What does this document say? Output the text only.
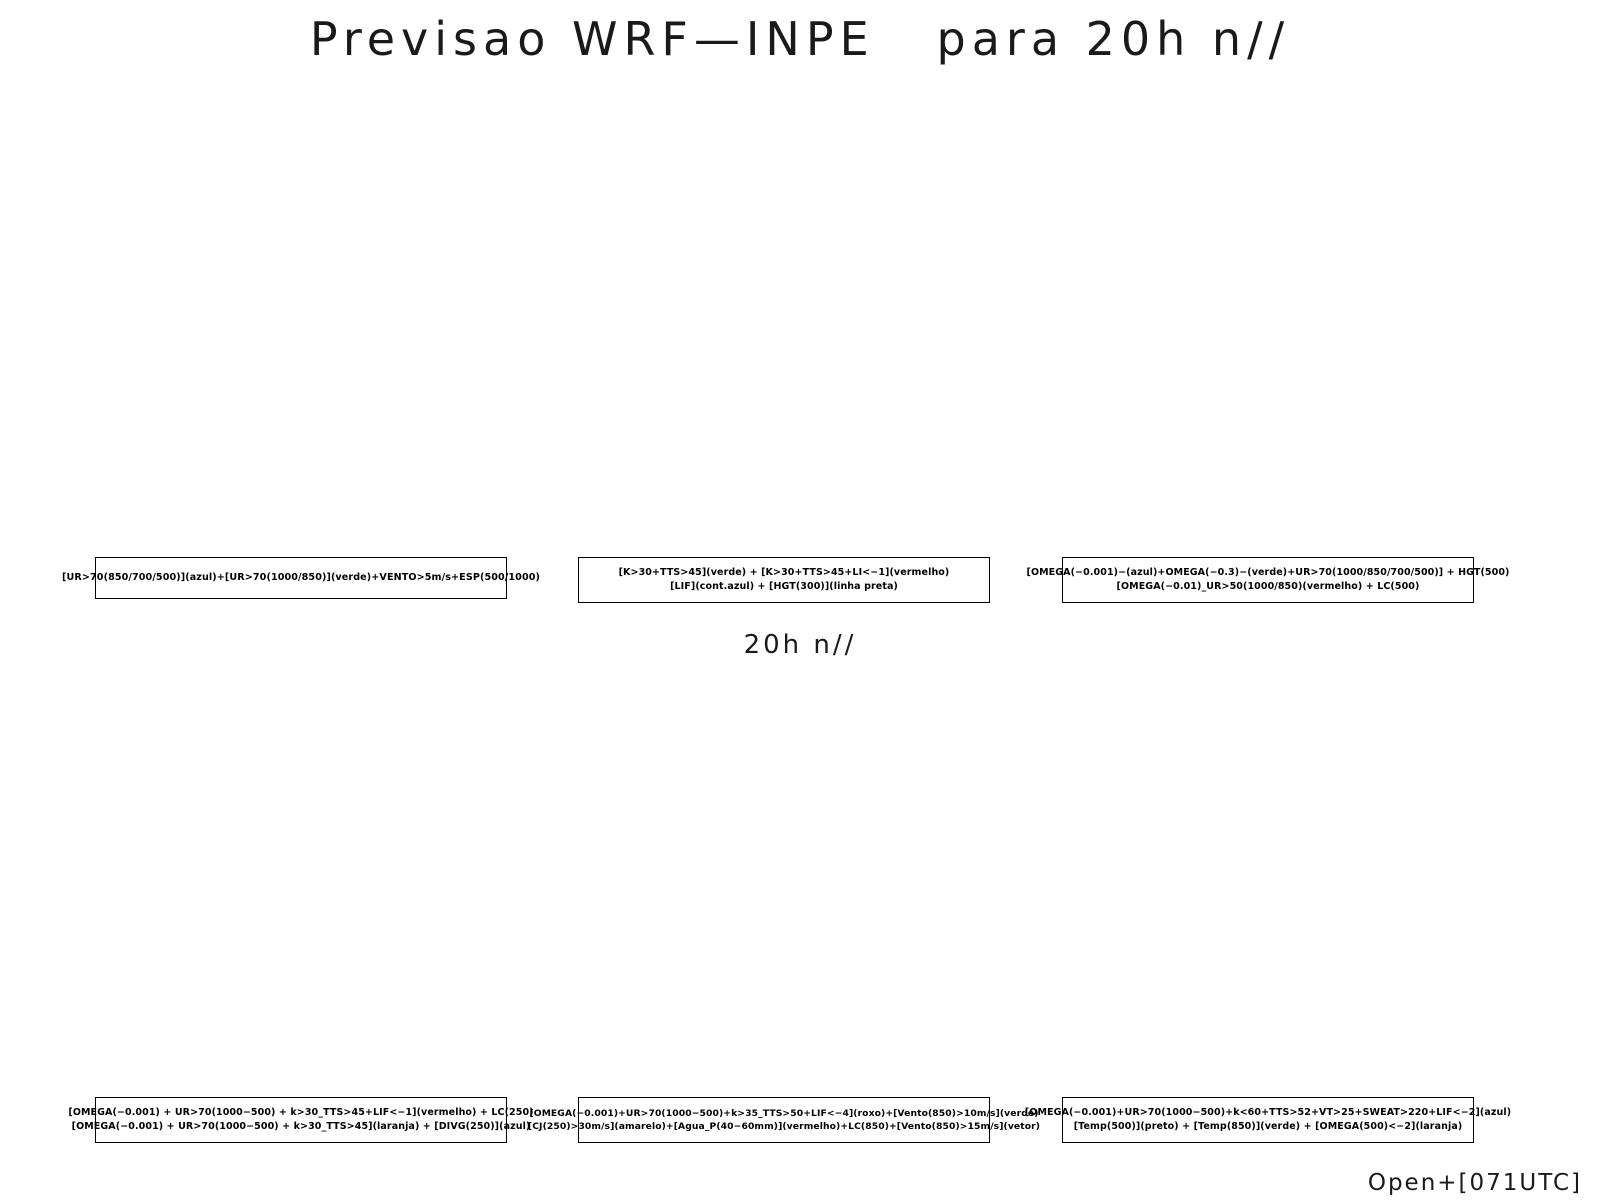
Previsao WRF—INPE   para 20h n//
[UR>70(850/700/500)](azul)+[UR>70(1000/850)](verde)+VENTO>5m/s+ESP(500/1000)	[K>30+TTS>45](verde) + [K>30+TTS>45+LI<−1](vermelho)
[LIF](cont.azul) + [HGT(300)](linha preta)
[OMEGA(−0.001)−(azul)+OMEGA(−0.3)−(verde)+UR>70(1000/850/700/500)] + HGT(500)
[OMEGA(−0.01)_UR>50(1000/850)(vermelho) + LC(500)
20h n//
[OMEGA(−0.001) + UR>70(1000−500) + k>30_TTS>45+LIF<−1](vermelho) + LC(250)
[OMEGA(−0.001) + UR>70(1000−500) + k>30_TTS>45](laranja) + [DIVG(250)](azul)
[OMEGA(−0.001)+UR>70(1000−500)+k>35_TTS>50+LIF<−4](roxo)+[Vento(850)>10m/s](verde)
[CJ(250)>30m/s](amarelo)+[Agua_P(40−60mm)](vermelho)+LC(850)+[Vento(850)>15m/s](vetor)
[OMEGA(−0.001)+UR>70(1000−500)+k<60+TTS>52+VT>25+SWEAT>220+LIF<−2](azul)
[Temp(500)](preto) + [Temp(850)](verde) + [OMEGA(500)<−2](laranja)
Open+[071UTC]
